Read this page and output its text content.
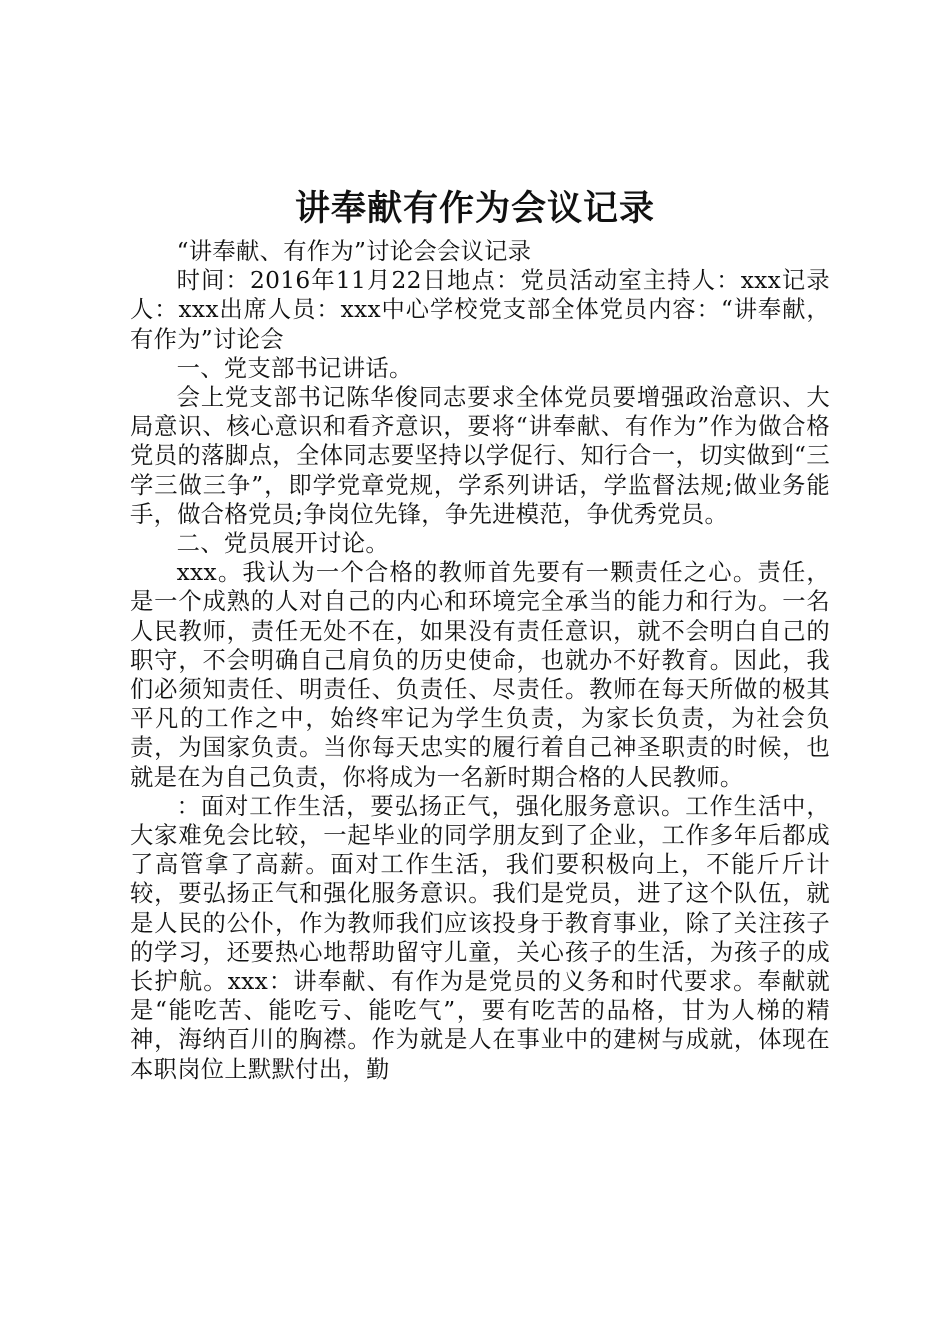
讲奉献有作为会议记录

“讲奉献、有作为”讨论会会议记录

时间：2016年11月22日地点：党员活动室主持人：xxx记录人：xxx出席人员：xxx中心学校党支部全体党员内容：“讲奉献，有作为”讨论会

一、党支部书记讲话。

会上党支部书记陈华俊同志要求全体党员要增强政治意识、大局意识、核心意识和看齐意识，要将“讲奉献、有作为”作为做合格党员的落脚点，全体同志要坚持以学促行、知行合一，切实做到“三学三做三争”，即学党章党规，学系列讲话，学监督法规;做业务能手，做合格党员;争岗位先锋，争先进模范，争优秀党员。

二、党员展开讨论。

xxx。我认为一个合格的教师首先要有一颗责任之心。责任，是一个成熟的人对自己的内心和环境完全承当的能力和行为。一名人民教师，责任无处不在，如果没有责任意识，就不会明白自己的职守，不会明确自己肩负的历史使命，也就办不好教育。因此，我们必须知责任、明责任、负责任、尽责任。教师在每天所做的极其平凡的工作之中，始终牢记为学生负责，为家长负责，为社会负责，为国家负责。当你每天忠实的履行着自己神圣职责的时候，也就是在为自己负责，你将成为一名新时期合格的人民教师。

：面对工作生活，要弘扬正气，强化服务意识。工作生活中，大家难免会比较，一起毕业的同学朋友到了企业，工作多年后都成了高管拿了高薪。面对工作生活，我们要积极向上，不能斤斤计较，要弘扬正气和强化服务意识。我们是党员，进了这个队伍，就是人民的公仆，作为教师我们应该投身于教育事业，除了关注孩子的学习，还要热心地帮助留守儿童，关心孩子的生活，为孩子的成长护航。xxx：讲奉献、有作为是党员的义务和时代要求。奉献就是“能吃苦、能吃亏、能吃气”，要有吃苦的品格，甘为人梯的精神，海纳百川的胸襟。作为就是人在事业中的建树与成就，体现在本职岗位上默默付出，勤
